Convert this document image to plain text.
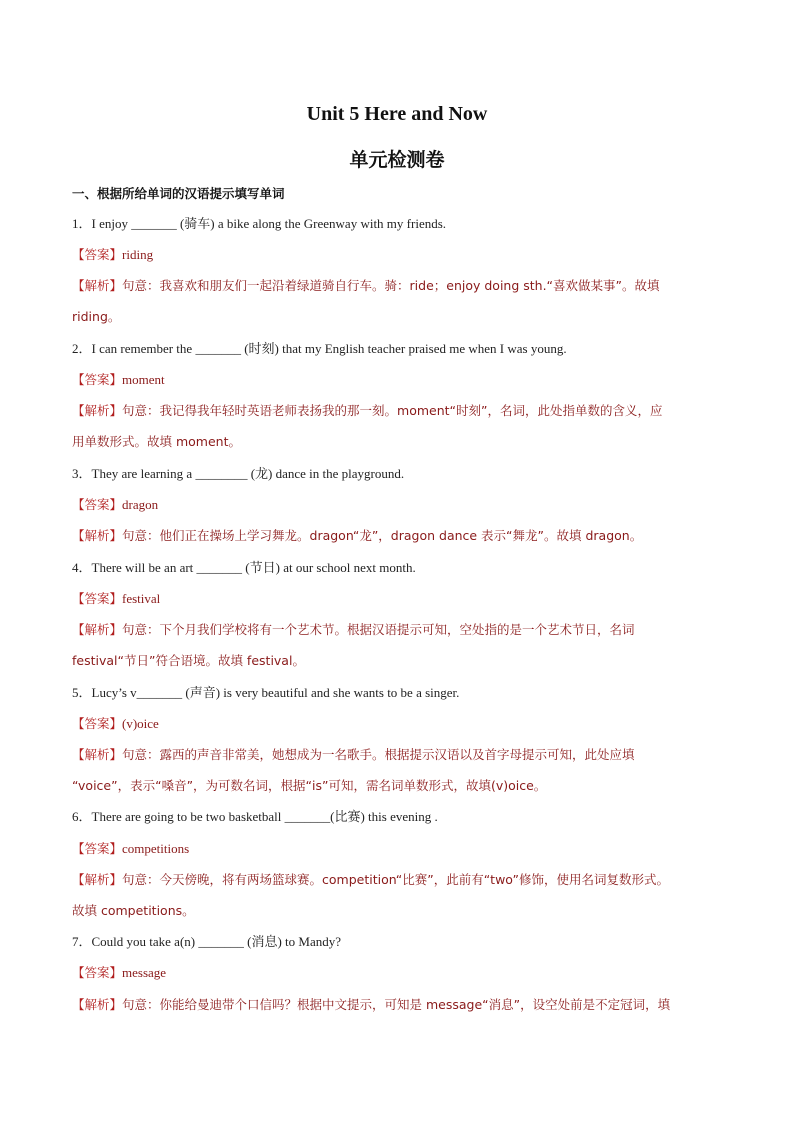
Unit 5 Here and Now
单元检测卷
一、根据所给单词的汉语提示填写单词
1．I enjoy _______ (骑车) a bike along the Greenway with my friends.
【答案】riding
【解析】句意：我喜欢和朋友们一起沿着绿道骑自行车。骑：ride；enjoy doing sth.“喜欢做某事”。故填
riding。
2．I can remember the _______ (时刻) that my English teacher praised me when I was young.
【答案】moment
【解析】句意：我记得我年轻时英语老师表扬我的那一刻。moment“时刻”，名词，此处指单数的含义，应
用单数形式。故填 moment。
3．They are learning a ________ (龙) dance in the playground.
【答案】dragon
【解析】句意：他们正在操场上学习舞龙。dragon“龙”，dragon dance 表示“舞龙”。故填 dragon。
4．There will be an art _______ (节日) at our school next month.
【答案】festival
【解析】句意：下个月我们学校将有一个艺术节。根据汉语提示可知，空处指的是一个艺术节日，名词
festival“节日”符合语境。故填 festival。
5．Lucy’s v_______ (声音) is very beautiful and she wants to be a singer.
【答案】(v)oice
【解析】句意：露西的声音非常美，她想成为一名歌手。根据提示汉语以及首字母提示可知，此处应填
“voice”，表示“嗓音”，为可数名词，根据“is”可知，需名词单数形式，故填(v)oice。
6．There are going to be two basketball _______(比赛) this evening .
【答案】competitions
【解析】句意：今天傍晚，将有两场篮球赛。competition“比赛”，此前有“two”修饰，使用名词复数形式。
故填 competitions。
7．Could you take a(n) _______ (消息) to Mandy?
【答案】message
【解析】句意：你能给曼迪带个口信吗？根据中文提示，可知是 message“消息”，设空处前是不定冠词，填
